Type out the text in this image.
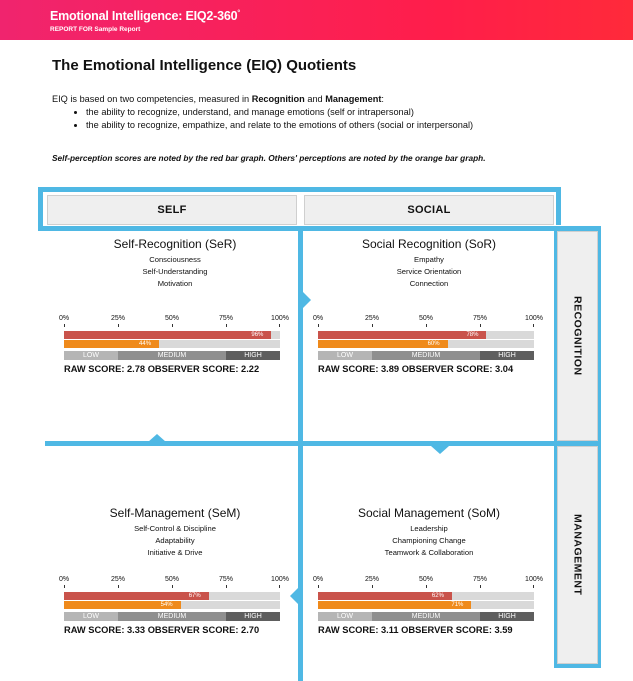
Emotional Intelligence: EIQ2-360°
REPORT FOR Sample Report
The Emotional Intelligence (EIQ) Quotients
EIQ is based on two competencies, measured in Recognition and Management:
• the ability to recognize, understand, and manage emotions (self or intrapersonal)
• the ability to recognize, empathize, and relate to the emotions of others (social or interpersonal)
Self-perception scores are noted by the red bar graph. Others' perceptions are noted by the orange bar graph.
SELF	SOCIAL
RECOGNITION
MANAGEMENT
Self-Recognition (SeR)
Consciousness
Self-Understanding
Motivation
0%	25%	50%	75%	100%
96%
44%
LOW	MEDIUM	HIGH
RAW SCORE: 2.78 OBSERVER SCORE: 2.22
Social Recognition (SoR)
Empathy
Service Orientation
Connection
0%	25%	50%	75%	100%
78%
60%
LOW	MEDIUM	HIGH
RAW SCORE: 3.89 OBSERVER SCORE: 3.04
Self-Management (SeM)
Self-Control & Discipline
Adaptability
Initiative & Drive
0%	25%	50%	75%	100%
67%
54%
LOW	MEDIUM	HIGH
RAW SCORE: 3.33 OBSERVER SCORE: 2.70
Social Management (SoM)
Leadership
Championing Change
Teamwork & Collaboration
0%	25%	50%	75%	100%
62%
71%
LOW	MEDIUM	HIGH
RAW SCORE: 3.11 OBSERVER SCORE: 3.59
